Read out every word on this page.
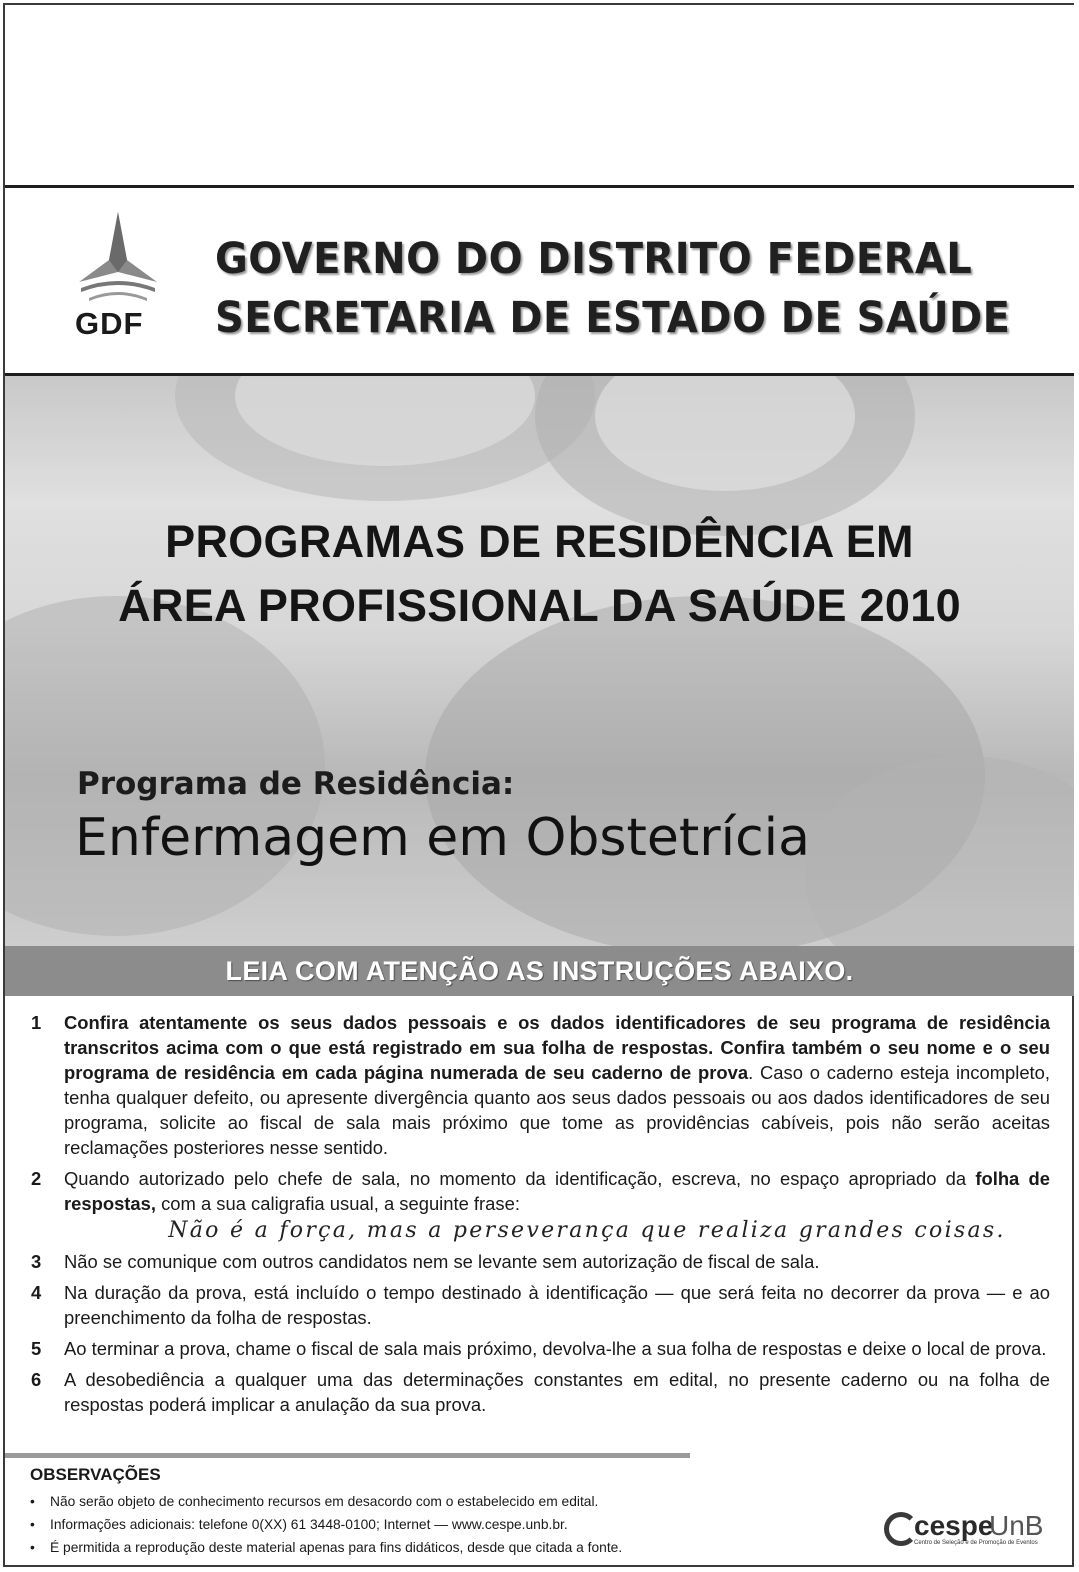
GDF
GOVERNO DO DISTRITO FEDERAL
SECRETARIA DE ESTADO DE SAÚDE
PROGRAMAS DE RESIDÊNCIA EM
ÁREA PROFISSIONAL DA SAÚDE 2010
Programa de Residência:
Enfermagem em Obstetrícia
LEIA COM ATENÇÃO AS INSTRUÇÕES ABAIXO.
1 Confira atentamente os seus dados pessoais e os dados identificadores de seu programa de residência transcritos acima com o que está registrado em sua folha de respostas. Confira também o seu nome e o seu programa de residência em cada página numerada de seu caderno de prova. Caso o caderno esteja incompleto, tenha qualquer defeito, ou apresente divergência quanto aos seus dados pessoais ou aos dados identificadores de seu programa, solicite ao fiscal de sala mais próximo que tome as providências cabíveis, pois não serão aceitas reclamações posteriores nesse sentido.
2 Quando autorizado pelo chefe de sala, no momento da identificação, escreva, no espaço apropriado da folha de respostas, com a sua caligrafia usual, a seguinte frase:
Não é a força, mas a perseverança que realiza grandes coisas.
3 Não se comunique com outros candidatos nem se levante sem autorização de fiscal de sala.
4 Na duração da prova, está incluído o tempo destinado à identificação — que será feita no decorrer da prova — e ao preenchimento da folha de respostas.
5 Ao terminar a prova, chame o fiscal de sala mais próximo, devolva-lhe a sua folha de respostas e deixe o local de prova.
6 A desobediência a qualquer uma das determinações constantes em edital, no presente caderno ou na folha de respostas poderá implicar a anulação da sua prova.
OBSERVAÇÕES
• Não serão objeto de conhecimento recursos em desacordo com o estabelecido em edital.
• Informações adicionais: telefone 0(XX) 61 3448-0100; Internet — www.cespe.unb.br.
• É permitida a reprodução deste material apenas para fins didáticos, desde que citada a fonte.
cespe
UnB
Centro de Seleção e de Promoção de Eventos
